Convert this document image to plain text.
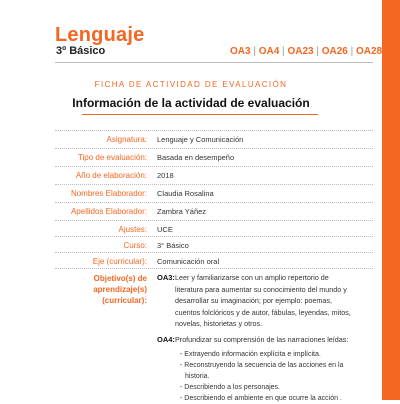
Lenguaje
3º Básico	OA3 | OA4 | OA23 | OA26 | OA28
FICHA DE ACTIVIDAD DE EVALUACIÓN
Información de la actividad de evaluación
Asignatura: Lenguaje y Comunicación
Tipo de evaluación: Basada en desempeño
Año de elaboración: 2018
Nombres Elaborador: Claudia Rosalina
Apellidos Elaborador: Zambra Yáñez
Ajustes: UCE
Curso: 3° Básico
Eje (curricular): Comunicación oral
Objetivo(s) de
aprendizaje(s)
(curricular):
OA3: Leer y familiarizarse con un amplio repertorio de
literatura para aumentar su conocimiento del mundo y
desarrollar su imaginación; por ejemplo: poemas,
cuentos folclóricos y de autor, fábulas, leyendas, mitos,
novelas, historietas y otros.
OA4: Profundizar su comprensión de las narraciones leídas:
- Extrayendo información explícita e implícita.
- Reconstruyendo la secuencia de las acciones en la
historia.
- Describiendo a los personajes.
- Describiendo el ambiente en que ocurre la acción .
